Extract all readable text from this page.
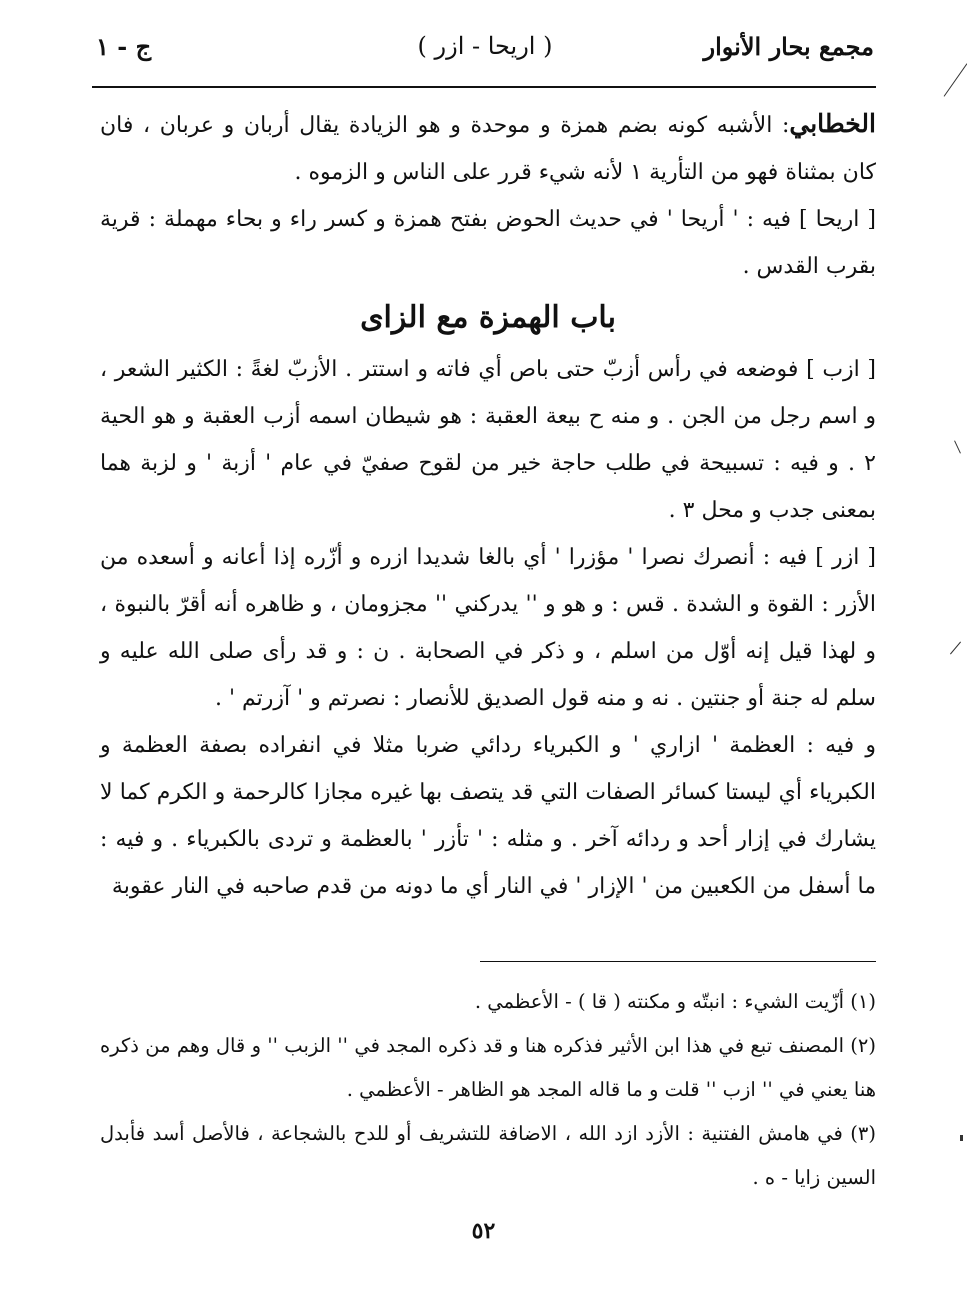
مجمع بحار الأنوار
( اريحا - ازر )
ج - ١

الخطابي: الأشبه كونه بضم همزة و موحدة و هو الزيادة يقال أربان و عربان ، فان كان بمثناة فهو من التأرية ١ لأنه شيء قرر على الناس و الزموه .

[ اريحا ] فيه : ' أريحا ' في حديث الحوض بفتح همزة و كسر راء و بحاء مهملة : قرية بقرب القدس .

باب الهمزة مع الزاى

[ ازب ] فوضعه في رأس أزبّ حتى باص أي فاته و استتر . الأزبّ لغةً : الكثير الشعر ، و اسم رجل من الجن . و منه ح بيعة العقبة : هو شيطان اسمه أزب العقبة و هو الحية ٢ . و فيه : تسبيحة في طلب حاجة خير من لقوح صفيّ في عام ' أزبة ' و لزبة هما بمعنى جدب و محل ٣ .

[ ازر ] فيه : أنصرك نصرا ' مؤزرا ' أي بالغا شديدا ازره و أزّره إذا أعانه و أسعده من الأزر : القوة و الشدة . قس : و هو و '' يدركني '' مجزومان ، و ظاهره أنه أقرّ بالنبوة ، و لهذا قيل إنه أوّل من اسلم ، و ذكر في الصحابة . ن : و قد رأى صلى الله عليه و سلم له جنة أو جنتين . نه و منه قول الصديق للأنصار : نصرتم و ' آزرتم ' .

و فيه : العظمة ' ازاري ' و الكبرياء ردائي ضربا مثلا في انفراده بصفة العظمة و الكبرياء أي ليستا كسائر الصفات التي قد يتصف بها غيره مجازا كالرحمة و الكرم كما لا يشارك في إزار أحد و ردائه آخر . و مثله : ' تأزر ' بالعظمة و تردى بالكبرياء . و فيه : ما أسفل من الكعبين من ' الإزار ' في النار أي ما دونه من قدم صاحبه في النار عقوبة

(١) أزّيت الشيء : انبتّه و مكنته ( قا ) - الأعظمي .

(٢) المصنف تبع في هذا ابن الأثير فذكره هنا و قد ذكره المجد في '' الزبب '' و قال وهم من ذكره هنا يعني في '' ازب '' قلت و ما قاله المجد هو الظاهر - الأعظمي .

(٣) في هامش الفتنية : الأزد ازد الله ، الاضافة للتشريف أو للدح بالشجاعة ، فالأصل أسد فأبدل السين زايا - ه .

٥٢
